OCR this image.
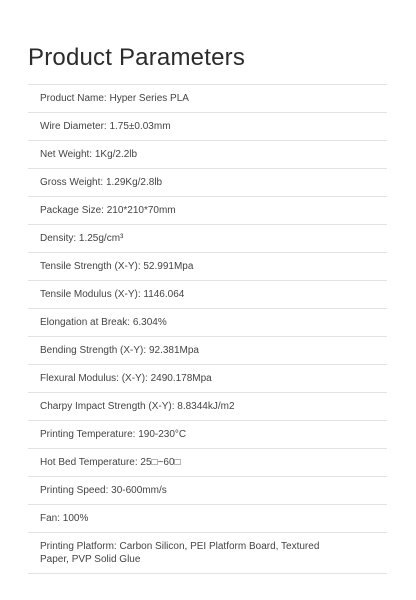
Product Parameters
Product Name: Hyper Series PLA
Wire Diameter: 1.75±0.03mm
Net Weight: 1Kg/2.2lb
Gross Weight: 1.29Kg/2.8lb
Package Size: 210*210*70mm
Density: 1.25g/cm³
Tensile Strength (X-Y): 52.991Mpa
Tensile Modulus (X-Y): 1146.064
Elongation at Break: 6.304%
Bending Strength (X-Y): 92.381Mpa
Flexural Modulus: (X-Y): 2490.178Mpa
Charpy Impact Strength (X-Y): 8.8344kJ/m2
Printing Temperature: 190-230°C
Hot Bed Temperature: 25□~60□
Printing Speed: 30-600mm/s
Fan: 100%
Printing Platform: Carbon Silicon, PEI Platform Board, Textured Paper, PVP Solid Glue
